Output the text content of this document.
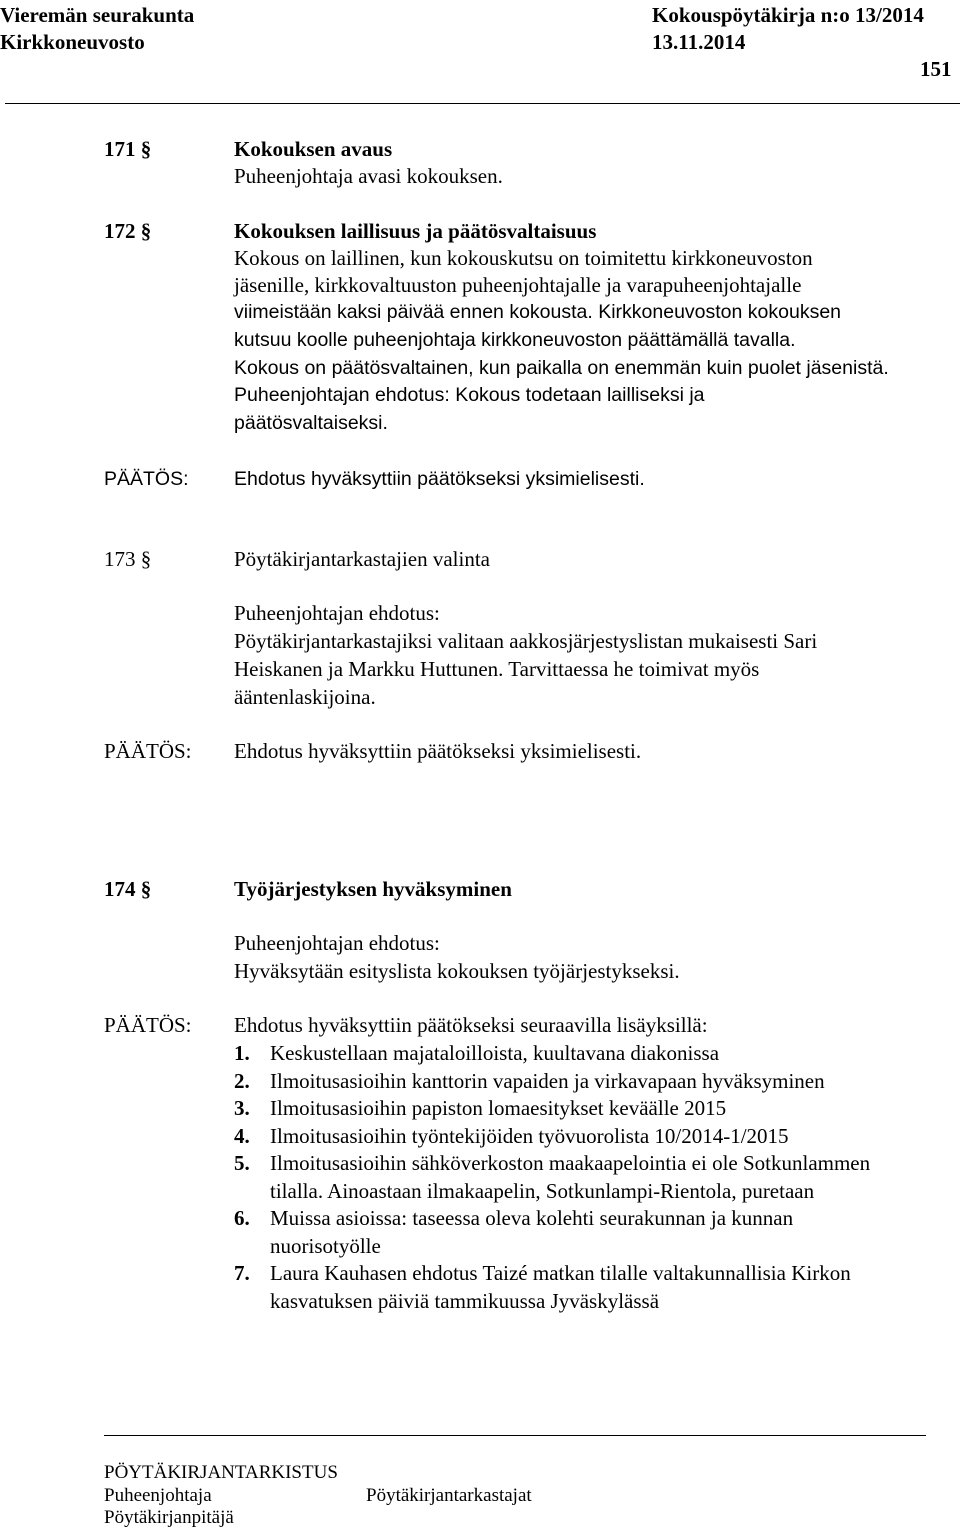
Vieremän seurakunta
Kirkkoneuvosto
Kokouspöytäkirja n:o 13/2014
13.11.2014
151
171 §	Kokouksen avaus
Puheenjohtaja avasi kokouksen.
172 §	Kokouksen laillisuus ja päätösvaltaisuus
Kokous on laillinen, kun kokouskutsu on toimitettu kirkkoneuvoston
jäsenille, kirkkovaltuuston puheenjohtajalle ja varapuheenjohtajalle
viimeistään kaksi päivää ennen kokousta. Kirkkoneuvoston kokouksen
kutsuu koolle puheenjohtaja kirkkoneuvoston päättämällä tavalla.
Kokous on päätösvaltainen, kun paikalla on enemmän kuin puolet jäsenistä.
Puheenjohtajan ehdotus: Kokous todetaan lailliseksi ja
päätösvaltaiseksi.
PÄÄTÖS: Ehdotus hyväksyttiin päätökseksi yksimielisesti.
173 §	Pöytäkirjantarkastajien valinta
Puheenjohtajan ehdotus:
Pöytäkirjantarkastajiksi valitaan aakkosjärjestyslistan mukaisesti Sari
Heiskanen ja Markku Huttunen. Tarvittaessa he toimivat myös
ääntenlaskijoina.
PÄÄTÖS: Ehdotus hyväksyttiin päätökseksi yksimielisesti.
174 §	Työjärjestyksen hyväksyminen
Puheenjohtajan ehdotus:
Hyväksytään esityslista kokouksen työjärjestykseksi.
PÄÄTÖS: Ehdotus hyväksyttiin päätökseksi seuraavilla lisäyksillä:
1. Keskustellaan majataloilloista, kuultavana diakonissa
2. Ilmoitusasioihin kanttorin vapaiden ja virkavapaan hyväksyminen
3. Ilmoitusasioihin papiston lomaesitykset keväälle 2015
4. Ilmoitusasioihin työntekijöiden työvuorolista 10/2014-1/2015
5. Ilmoitusasioihin sähköverkoston maakaapelointia ei ole Sotkunlammen
tilalla. Ainoastaan ilmakaapelin, Sotkunlampi-Rientola, puretaan
6. Muissa asioissa: taseessa oleva kolehti seurakunnan ja kunnan
nuorisotyölle
7. Laura Kauhasen ehdotus Taizé matkan tilalle valtakunnallisia Kirkon
kasvatuksen päiviä tammikuussa Jyväskylässä
PÖYTÄKIRJANTARKISTUS
Puheenjohtaja	Pöytäkirjantarkastajat
Pöytäkirjanpitäjä
